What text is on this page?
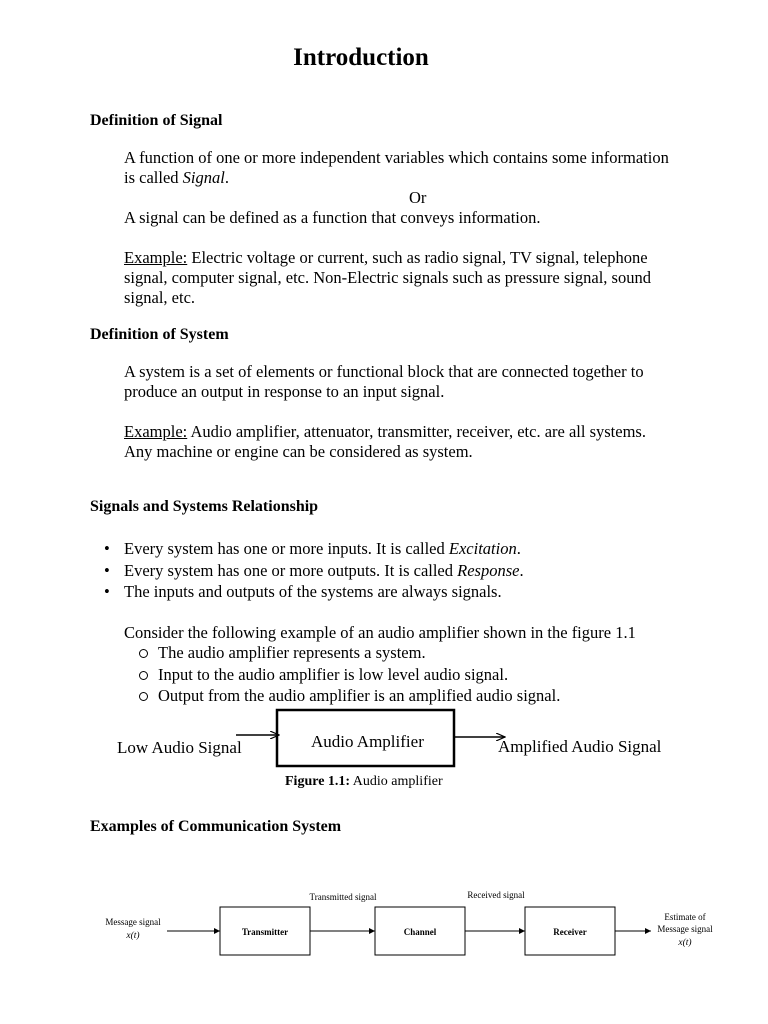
Introduction
Definition of Signal
A function of one or more independent variables which contains some information
is called Signal.
Or
A signal can be defined as a function that conveys information.
Example: Electric voltage or current, such as radio signal, TV signal, telephone
signal, computer signal, etc. Non-Electric signals such as pressure signal, sound
signal, etc.
Definition of System
A system is a set of elements or functional block that are connected together to
produce an output in response to an input signal.
Example: Audio amplifier, attenuator, transmitter, receiver, etc. are all systems.
Any machine or engine can be considered as system.
Signals and Systems Relationship
• Every system has one or more inputs. It is called Excitation.
• Every system has one or more outputs. It is called Response.
• The inputs and outputs of the systems are always signals.
Consider the following example of an audio amplifier shown in the figure 1.1
The audio amplifier represents a system.
Input to the audio amplifier is low level audio signal.
Output from the audio amplifier is an amplified audio signal.
Low Audio Signal	Audio Amplifier	Amplified Audio Signal
Transmitter	Channel	Receiver
Transmitted signal	Received signal
Message signal
x(t)
Estimate of
Message signal
x(t)
Figure 1.1: Audio amplifier
Examples of Communication System
